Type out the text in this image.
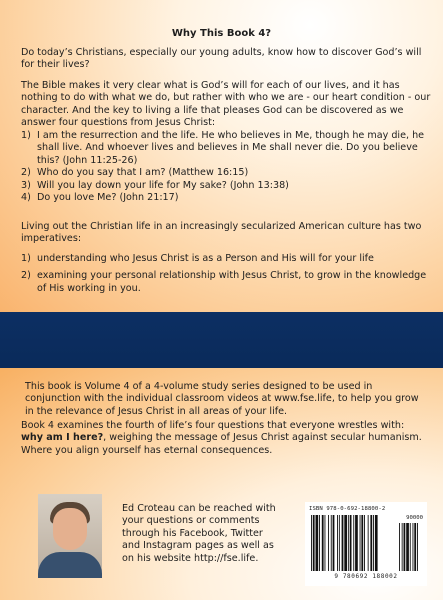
Why This Book 4?
Do today’s Christians, especially our young adults, know how to discover God’s will for their lives?
The Bible makes it very clear what is God’s will for each of our lives, and it has nothing to do with what we do, but rather with who we are - our heart condition - our character. And the key to living a life that pleases God can be discovered as we answer four questions from Jesus Christ:
1) I am the resurrection and the life. He who believes in Me, though he may die, he shall live. And whoever lives and believes in Me shall never die. Do you believe this? (John 11:25-26)
2) Who do you say that I am? (Matthew 16:15)
3) Will you lay down your life for My sake? (John 13:38)
4) Do you love Me? (John 21:17)
Living out the Christian life in an increasingly secularized American culture has two imperatives:
1) understanding who Jesus Christ is as a Person and His will for your life
2) examining your personal relationship with Jesus Christ, to grow in the knowledge of His working in you.
This book is Volume 4 of a 4-volume study series designed to be used in conjunction with the individual classroom videos at www.fse.life, to help you grow in the relevance of Jesus Christ in all areas of your life.
Book 4 examines the fourth of life’s four questions that everyone wrestles with: why am I here?, weighing the message of Jesus Christ against secular humanism. Where you align yourself has eternal consequences.
Ed Croteau can be reached with your questions or comments through his Facebook, Twitter and Instagram pages as well as on his website http://fse.life.
ISBN 978-0-692-18800-2
90000
9 780692 188002
